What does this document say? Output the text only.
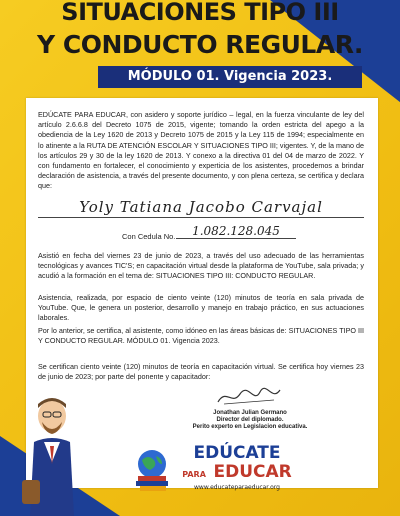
SITUACIONES TIPO III
Y CONDUCTO REGULAR.
MÓDULO 01. Vigencia 2023.
EDÚCATE PARA EDUCAR, con asidero y soporte jurídico – legal, en la fuerza vinculante de ley del artículo 2.6.6.8 del Decreto 1075 de 2015, vigente; tomando la orden estricta del apego a la obediencia de la Ley 1620 de 2013 y Decreto 1075 de 2015 y la Ley 115 de 1994; especialmente en lo atinente a la RUTA DE ATENCIÓN ESCOLAR Y SITUACIONES TIPO III; vigentes. Y, de la mano de los artículos 29 y 30 de la ley 1620 de 2013. Y conexo a la directiva 01 del 04 de marzo de 2022. Y con fundamento en fortalecer, el conocimiento y experticia de los asistentes, procedemos a brindar declaración de asistencia, a través del presente documento, y con plena certeza, se certifica y declara que:
Yoly Tatiana Jacobo Carvajal
Con Cedula No.	1.082.128.045
Asistió en fecha del viernes 23 de junio de 2023, a través del uso adecuado de las herramientas tecnológicas y avances TIC'S; en capacitación virtual desde la plataforma de YouTube, sala privada; y acudió a la formación en el tema de: SITUACIONES TIPO III: CONDUCTO REGULAR.
Asistencia, realizada, por espacio de ciento veinte (120) minutos de teoría en sala privada de YouTube. Que, le genera un posterior, desarrollo y manejo en trabajo práctico, en sus actuaciones laborales.
Por lo anterior, se certifica, al asistente, como idóneo en las áreas básicas de: SITUACIONES TIPO III Y CONDUCTO REGULAR. MÓDULO 01. Vigencia 2023.
Se certifican ciento veinte (120) minutos de teoría en capacitación virtual. Se certifica hoy viernes 23 de junio de 2023; por parte del ponente y capacitador:
Jonathan Julian Germano
Director del diplomado.
Perito experto en Legislacion educativa.
EDÚCATE
PARA EDUCAR
www.educateparaeducar.org
